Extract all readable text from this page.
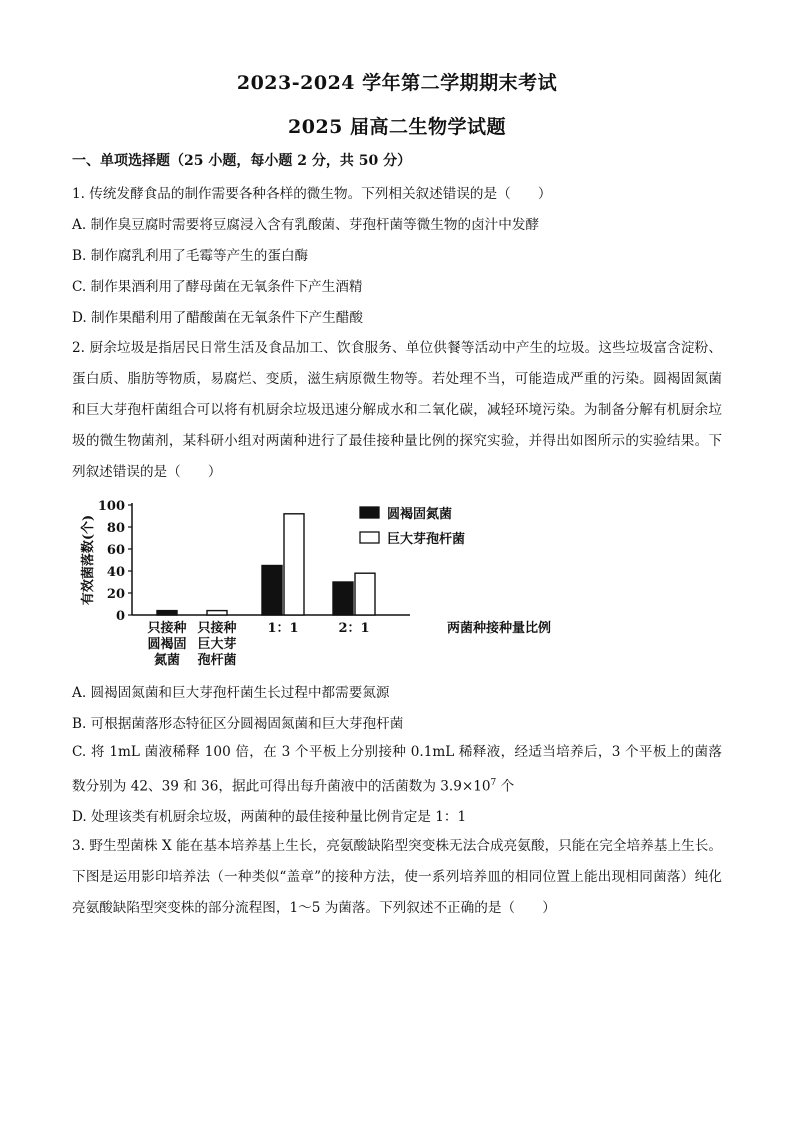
2023-2024 学年第二学期期末考试
2025 届高二生物学试题
一、单项选择题（25 小题，每小题 2 分，共 50 分）
1. 传统发酵食品的制作需要各种各样的微生物。下列相关叙述错误的是（　　）
A. 制作臭豆腐时需要将豆腐浸入含有乳酸菌、芽孢杆菌等微生物的卤汁中发酵
B. 制作腐乳利用了毛霉等产生的蛋白酶
C. 制作果酒利用了酵母菌在无氧条件下产生酒精
D. 制作果醋利用了醋酸菌在无氧条件下产生醋酸
2. 厨余垃圾是指居民日常生活及食品加工、饮食服务、单位供餐等活动中产生的垃圾。这些垃圾富含淀粉、蛋白质、脂肪等物质，易腐烂、变质，滋生病原微生物等。若处理不当，可能造成严重的污染。圆褐固氮菌和巨大芽孢杆菌组合可以将有机厨余垃圾迅速分解成水和二氧化碳，减轻环境污染。为制备分解有机厨余垃圾的微生物菌剂，某科研小组对两菌种进行了最佳接种量比例的探究实验，并得出如图所示的实验结果。下列叙述错误的是（　　）
0
20
40
60
80
100
有效菌落数(个)
只接种
圆褐固
氮菌
只接种
巨大芽
孢杆菌
1：1	2：1	两菌种接种量比例
圆褐固氮菌
巨大芽孢杆菌
A. 圆褐固氮菌和巨大芽孢杆菌生长过程中都需要氮源
B. 可根据菌落形态特征区分圆褐固氮菌和巨大芽孢杆菌
C. 将 1mL 菌液稀释 100 倍，在 3 个平板上分别接种 0.1mL 稀释液，经适当培养后，3 个平板上的菌落数分别为 42、39 和 36，据此可得出每升菌液中的活菌数为 $3.9\times 10^7$ 个
D. 处理该类有机厨余垃圾，两菌种的最佳接种量比例肯定是 1：1
3. 野生型菌株 X 能在基本培养基上生长，亮氨酸缺陷型突变株无法合成亮氨酸，只能在完全培养基上生长。下图是运用影印培养法（一种类似“盖章”的接种方法，使一系列培养皿的相同位置上能出现相同菌落）纯化亮氨酸缺陷型突变株的部分流程图，1～5 为菌落。下列叙述不正确的是（　　）
